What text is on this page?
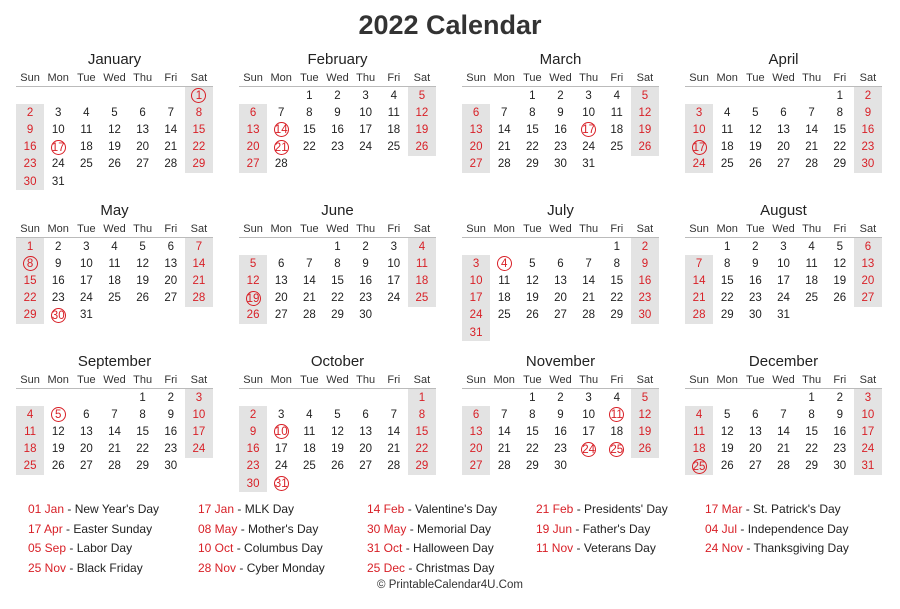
2022 Calendar
January
Sun	Mon	Tue	Wed	Thu	Fri	Sat
						1
2	3	4	5	6	7	8
9	10	11	12	13	14	15
16	17	18	19	20	21	22
23	24	25	26	27	28	29
30	31					
February
Sun	Mon	Tue	Wed	Thu	Fri	Sat
		1	2	3	4	5
6	7	8	9	10	11	12
13	14	15	16	17	18	19
20	21	22	23	24	25	26
27	28					
March
Sun	Mon	Tue	Wed	Thu	Fri	Sat
		1	2	3	4	5
6	7	8	9	10	11	12
13	14	15	16	17	18	19
20	21	22	23	24	25	26
27	28	29	30	31		
April
Sun	Mon	Tue	Wed	Thu	Fri	Sat
					1	2
3	4	5	6	7	8	9
10	11	12	13	14	15	16
17	18	19	20	21	22	23
24	25	26	27	28	29	30
May
Sun	Mon	Tue	Wed	Thu	Fri	Sat
1	2	3	4	5	6	7
8	9	10	11	12	13	14
15	16	17	18	19	20	21
22	23	24	25	26	27	28
29	30	31				
June
Sun	Mon	Tue	Wed	Thu	Fri	Sat
			1	2	3	4
5	6	7	8	9	10	11
12	13	14	15	16	17	18
19	20	21	22	23	24	25
26	27	28	29	30		
July
Sun	Mon	Tue	Wed	Thu	Fri	Sat
					1	2
3	4	5	6	7	8	9
10	11	12	13	14	15	16
17	18	19	20	21	22	23
24	25	26	27	28	29	30
31						
August
Sun	Mon	Tue	Wed	Thu	Fri	Sat
	1	2	3	4	5	6
7	8	9	10	11	12	13
14	15	16	17	18	19	20
21	22	23	24	25	26	27
28	29	30	31			
September
Sun	Mon	Tue	Wed	Thu	Fri	Sat
				1	2	3
4	5	6	7	8	9	10
11	12	13	14	15	16	17
18	19	20	21	22	23	24
25	26	27	28	29	30	
October
Sun	Mon	Tue	Wed	Thu	Fri	Sat
						1
2	3	4	5	6	7	8
9	10	11	12	13	14	15
16	17	18	19	20	21	22
23	24	25	26	27	28	29
30	31					
November
Sun	Mon	Tue	Wed	Thu	Fri	Sat
		1	2	3	4	5
6	7	8	9	10	11	12
13	14	15	16	17	18	19
20	21	22	23	24	25	26
27	28	29	30			
December
Sun	Mon	Tue	Wed	Thu	Fri	Sat
				1	2	3
4	5	6	7	8	9	10
11	12	13	14	15	16	17
18	19	20	21	22	23	24
25	26	27	28	29	30	31
01 Jan - New Year's Day
17 Apr - Easter Sunday
05 Sep - Labor Day
25 Nov - Black Friday
17 Jan - MLK Day
08 May - Mother's Day
10 Oct - Columbus Day
28 Nov - Cyber Monday
14 Feb - Valentine's Day
30 May - Memorial Day
31 Oct - Halloween Day
25 Dec - Christmas Day
21 Feb - Presidents' Day
19 Jun - Father's Day
11 Nov - Veterans Day
17 Mar - St. Patrick's Day
04 Jul - Independence Day
24 Nov - Thanksgiving Day
© PrintableCalendar4U.Com
